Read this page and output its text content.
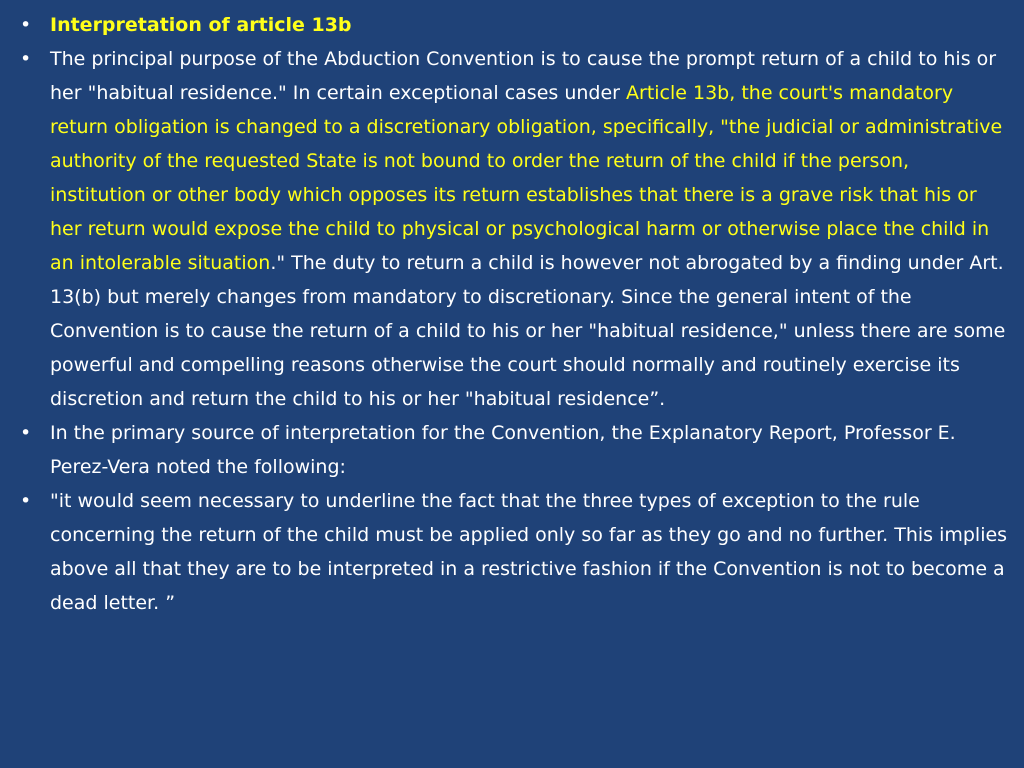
• Interpretation of article 13b
• The principal purpose of the Abduction Convention is to cause the prompt return of a child to his or her "habitual residence." In certain exceptional cases under Article 13b, the court's mandatory return obligation is changed to a discretionary obligation, specifically, "the judicial or administrative authority of the requested State is not bound to order the return of the child if the person, institution or other body which opposes its return establishes that there is a grave risk that his or her return would expose the child to physical or psychological harm or otherwise place the child in an intolerable situation." The duty to return a child is however not abrogated by a finding under Art. 13(b) but merely changes from mandatory to discretionary. Since the general intent of the Convention is to cause the return of a child to his or her "habitual residence," unless there are some powerful and compelling reasons otherwise the court should normally and routinely exercise its discretion and return the child to his or her "habitual residence”.
• In the primary source of interpretation for the Convention, the Explanatory Report, Professor E. Perez-Vera noted the following:
• "it would seem necessary to underline the fact that the three types of exception to the rule concerning the return of the child must be applied only so far as they go and no further. This implies above all that they are to be interpreted in a restrictive fashion if the Convention is not to become a dead letter. ”
